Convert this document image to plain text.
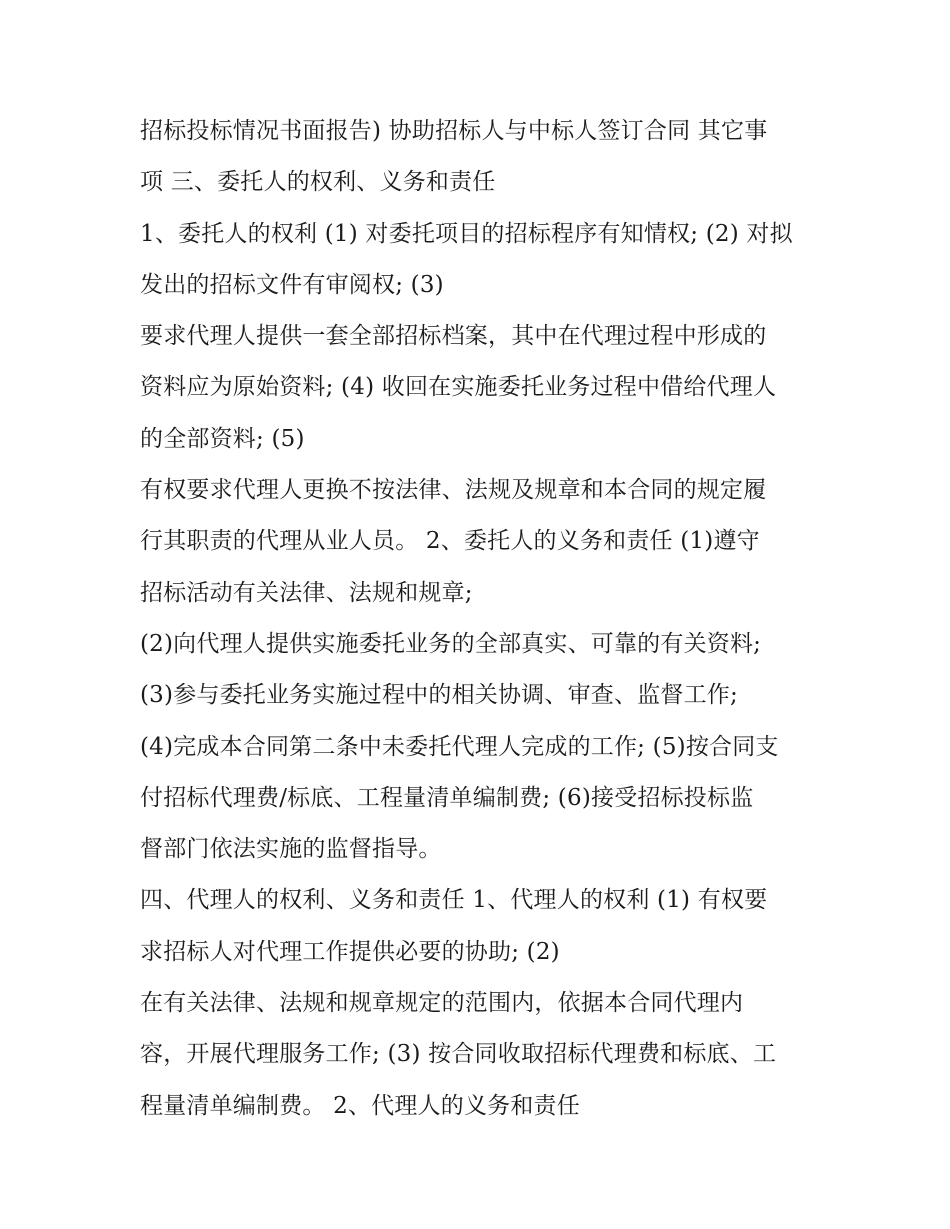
招标投标情况书面报告) 协助招标人与中标人签订合同 其它事
项 三、委托人的权利、义务和责任
1、委托人的权利 (1) 对委托项目的招标程序有知情权; (2) 对拟
发出的招标文件有审阅权; (3)
要求代理人提供一套全部招标档案，其中在代理过程中形成的
资料应为原始资料; (4) 收回在实施委托业务过程中借给代理人
的全部资料; (5)
有权要求代理人更换不按法律、法规及规章和本合同的规定履
行其职责的代理从业人员。 2、委托人的义务和责任 (1)遵守
招标活动有关法律、法规和规章;
(2)向代理人提供实施委托业务的全部真实、可靠的有关资料;
(3)参与委托业务实施过程中的相关协调、审查、监督工作;
(4)完成本合同第二条中未委托代理人完成的工作; (5)按合同支
付招标代理费/标底、工程量清单编制费; (6)接受招标投标监
督部门依法实施的监督指导。
四、代理人的权利、义务和责任 1、代理人的权利 (1) 有权要
求招标人对代理工作提供必要的协助; (2)
在有关法律、法规和规章规定的范围内，依据本合同代理内
容，开展代理服务工作; (3) 按合同收取招标代理费和标底、工
程量清单编制费。 2、代理人的义务和责任
